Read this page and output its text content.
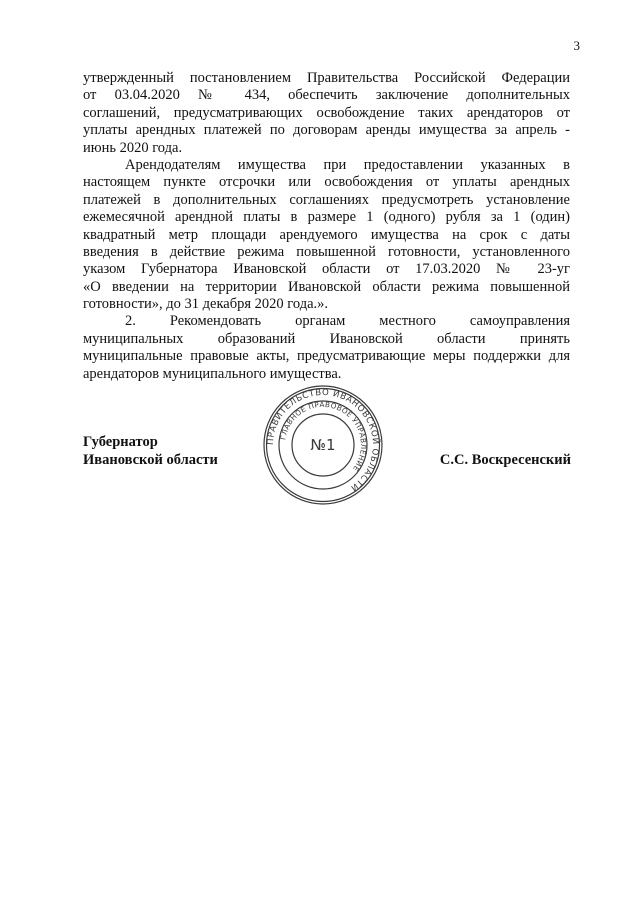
3
утвержденный постановлением Правительства Российской Федерации
от 03.04.2020 № 434, обеспечить заключение дополнительных
соглашений, предусматривающих освобождение таких арендаторов от
уплаты арендных платежей по договорам аренды имущества за апрель -
июнь 2020 года.
Арендодателям имущества при предоставлении указанных в
настоящем пункте отсрочки или освобождения от уплаты арендных
платежей в дополнительных соглашениях предусмотреть установление
ежемесячной арендной платы в размере 1 (одного) рубля за 1 (один)
квадратный метр площади арендуемого имущества на срок с даты
введения в действие режима повышенной готовности, установленного
указом Губернатора Ивановской области от 17.03.2020 № 23-уг
«О введении на территории Ивановской области режима повышенной
готовности», до 31 декабря 2020 года.».
2. Рекомендовать органам местного самоуправления
муниципальных образований Ивановской области принять
муниципальные правовые акты, предусматривающие меры поддержки для
арендаторов муниципального имущества.
Губернатор
Ивановской области	С.С. Воскресенский
ПРАВИТЕЛЬСТВО ИВАНОВСКОЙ ОБЛАСТИ
ГЛАВНОЕ ПРАВОВОЕ УПРАВЛЕНИЕ
№1
